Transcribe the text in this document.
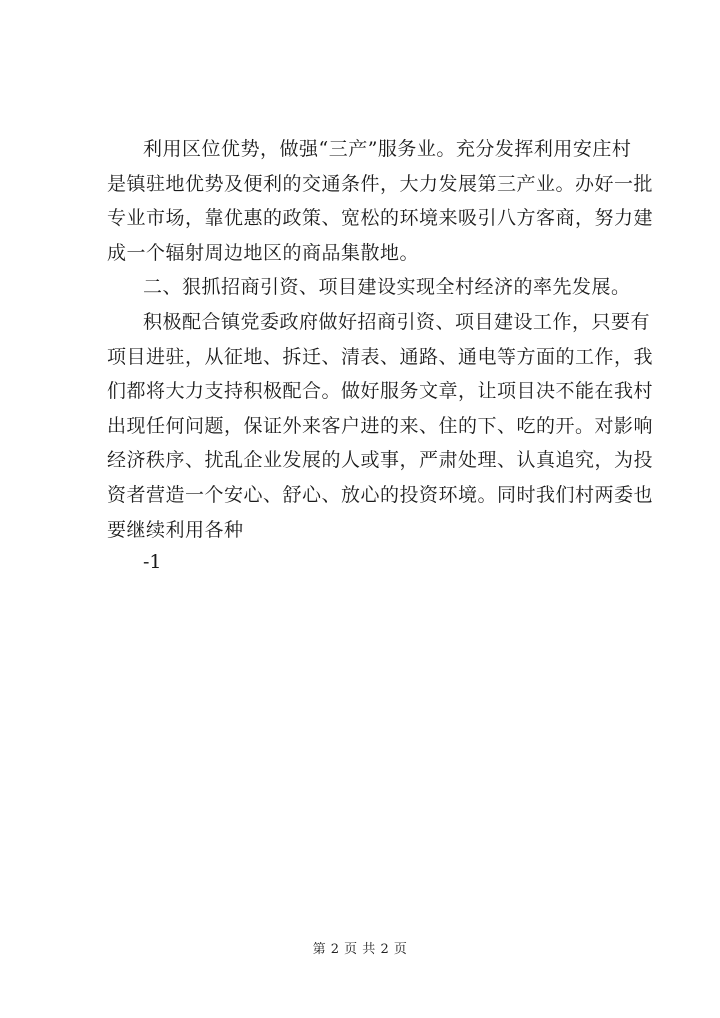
利用区位优势，做强“三产”服务业。充分发挥利用安庄村
是镇驻地优势及便利的交通条件，大力发展第三产业。办好一批
专业市场，靠优惠的政策、宽松的环境来吸引八方客商，努力建
成一个辐射周边地区的商品集散地。
二、狠抓招商引资、项目建设实现全村经济的率先发展。
积极配合镇党委政府做好招商引资、项目建设工作，只要有
项目进驻，从征地、拆迁、清表、通路、通电等方面的工作，我
们都将大力支持积极配合。做好服务文章，让项目决不能在我村
出现任何问题，保证外来客户进的来、住的下、吃的开。对影响
经济秩序、扰乱企业发展的人或事，严肃处理、认真追究，为投
资者营造一个安心、舒心、放心的投资环境。同时我们村两委也
要继续利用各种
-1
第 2 页 共 2 页
